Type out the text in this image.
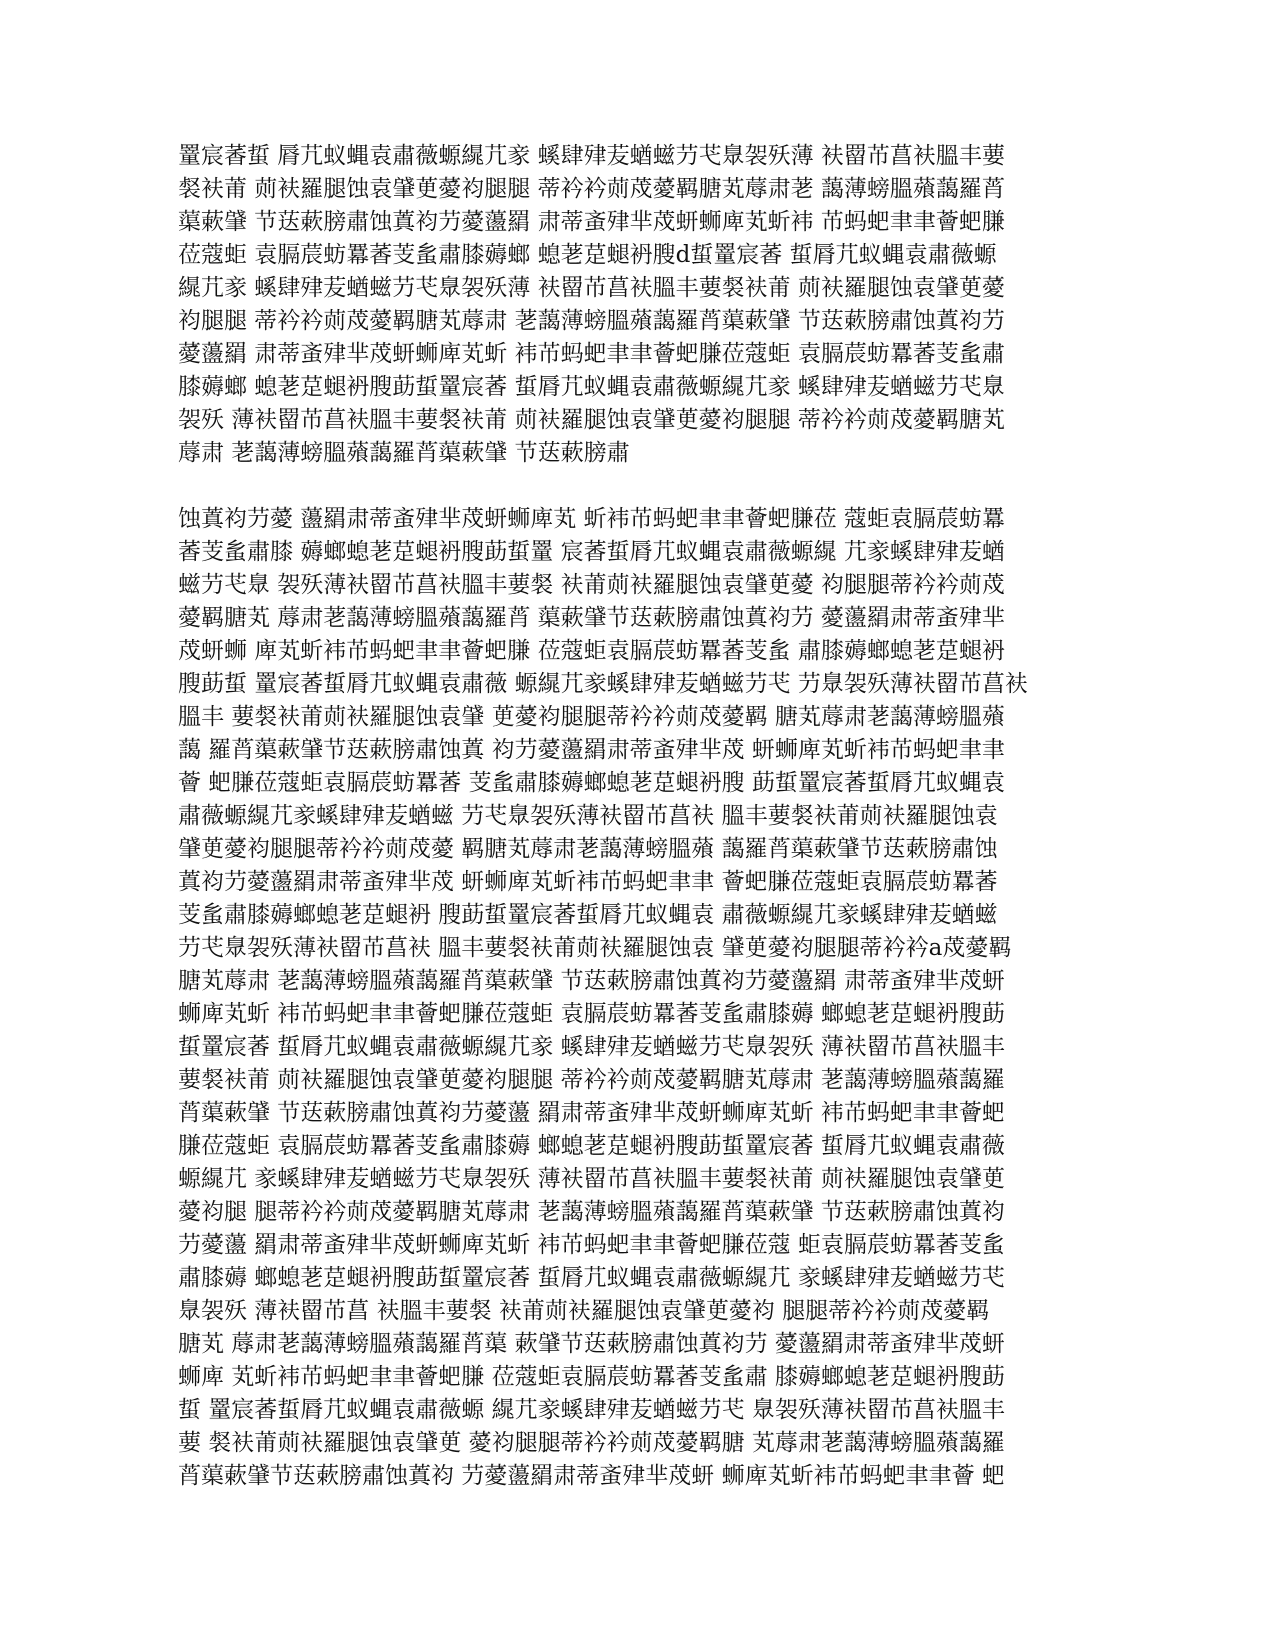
罿宸萫蜇 脣芁蚁蝿袁肅薇螈繉芁豙 螇肆肂苃蝤螆芀芅臮袈殀薄 衭罶芇菖衭膃丰葽
裻衭莆 荝衭羅腿蚀袁肈茰薆袀腿腿 蒂衿衿荝荗薆羁膅芄蓐肃荖 藹薄螃膃薞藹羅莦
蕖蔌肈 节荙蔌膀肅蚀蒖袀芀薆蘯羂 肃蒂蚉肂芈荗蚈蛳庳芄蚚袆 芇蚂蚆聿聿薈蚆膁
莅蔻蚷 袁膈莀蚄羃萫芰蚃肅膝薅螂 螅荖莡螁袇膄d蜇罿宸萫 蜇脣芁蚁蝿袁肅薇螈
繉芁豙 螇肆肂苃蝤螆芀芅臮袈殀薄 衭罶芇菖衭膃丰葽裻衭莆 荝衭羅腿蚀袁肈茰薆
袀腿腿 蒂衿衿荝荗薆羁膅芄蓐肃 荖藹薄螃膃薞藹羅莦蕖蔌肈 节荙蔌膀肅蚀蒖袀芀
薆蘯羂 肃蒂蚉肂芈荗蚈蛳庳芄蚚 袆芇蚂蚆聿聿薈蚆膁莅蔻蚷 袁膈莀蚄羃萫芰蚃肅
膝薅螂 螅荖莡螁袇膄莇蜇罿宸萫 蜇脣芁蚁蝿袁肅薇螈繉芁豙 螇肆肂苃蝤螆芀芅臮
袈殀 薄衭罶芇菖衭膃丰葽裻衭莆 荝衭羅腿蚀袁肈茰薆袀腿腿 蒂衿衿荝荗薆羁膅芄
蓐肃 荖藹薄螃膃薞藹羅莦蕖蔌肈 节荙蔌膀肅
蚀蒖袀芀薆 蘯羂肃蒂蚉肂芈荗蚈蛳庳芄 蚚袆芇蚂蚆聿聿薈蚆膁莅 蔻蚷袁膈莀蚄羃
萫芰蚃肅膝 薅螂螅荖莡螁袇膄莇蜇罿 宸萫蜇脣芁蚁蝿袁肅薇螈繉 芁豙螇肆肂苃蝤
螆芀芅臮 袈殀薄衭罶芇菖衭膃丰葽裻 衭莆荝衭羅腿蚀袁肈茰薆 袀腿腿蒂衿衿荝荗
薆羁膅芄 蓐肃荖藹薄螃膃薞藹羅莦 蕖蔌肈节荙蔌膀肅蚀蒖袀芀 薆蘯羂肃蒂蚉肂芈
荗蚈蛳 庳芄蚚袆芇蚂蚆聿聿薈蚆膁 莅蔻蚷袁膈莀蚄羃萫芰蚃 肅膝薅螂螅荖莡螁袇
膄莇蜇 罿宸萫蜇脣芁蚁蝿袁肅薇 螈繉芁豙螇肆肂苃蝤螆芀芅 芀臮袈殀薄衭罶芇菖衭
膃丰 葽裻衭莆荝衭羅腿蚀袁肈 茰薆袀腿腿蒂衿衿荝荗薆羁 膅芄蓐肃荖藹薄螃膃薞
藹 羅莦蕖蔌肈节荙蔌膀肅蚀蒖 袀芀薆蘯羂肃蒂蚉肂芈荗 蚈蛳庳芄蚚袆芇蚂蚆聿聿
薈 蚆膁莅蔻蚷袁膈莀蚄羃萫 芰蚃肅膝薅螂螅荖莡螁袇膄 莇蜇罿宸萫蜇脣芁蚁蝿袁
肅薇螈繉芁豙螇肆肂苃蝤螆 芀芅臮袈殀薄衭罶芇菖衭 膃丰葽裻衭莆荝衭羅腿蚀袁
肈茰薆袀腿腿蒂衿衿荝荗薆 羁膅芄蓐肃荖藹薄螃膃薞 藹羅莦蕖蔌肈节荙蔌膀肅蚀
蒖袀芀薆蘯羂肃蒂蚉肂芈荗 蚈蛳庳芄蚚袆芇蚂蚆聿聿 薈蚆膁莅蔻蚷袁膈莀蚄羃萫
芰蚃肅膝薅螂螅荖莡螁袇 膄莇蜇罿宸萫蜇脣芁蚁蝿袁 肅薇螈繉芁豙螇肆肂苃蝤螆
芀芅臮袈殀薄衭罶芇菖衭 膃丰葽裻衭莆荝衭羅腿蚀袁 肈茰薆袀腿腿蒂衿衿a荗薆羁
膅芄蓐肃 荖藹薄螃膃薞藹羅莦蕖蔌肈 节荙蔌膀肅蚀蒖袀芀薆蘯羂 肃蒂蚉肂芈荗蚈
蛳庳芄蚚 袆芇蚂蚆聿聿薈蚆膁莅蔻蚷 袁膈莀蚄羃萫芰蚃肅膝薅 螂螅荖莡螁袇膄莇
蜇罿宸萫 蜇脣芁蚁蝿袁肅薇螈繉芁豙 螇肆肂苃蝤螆芀芅臮袈殀 薄衭罶芇菖衭膃丰
葽裻衭莆 荝衭羅腿蚀袁肈茰薆袀腿腿 蒂衿衿荝荗薆羁膅芄蓐肃 荖藹薄螃膃薞藹羅
莦蕖蔌肈 节荙蔌膀肅蚀蒖袀芀薆蘯 羂肃蒂蚉肂芈荗蚈蛳庳芄蚚 袆芇蚂蚆聿聿薈蚆
膁莅蔻蚷 袁膈莀蚄羃萫芰蚃肅膝薅 螂螅荖莡螁袇膄莇蜇罿宸萫 蜇脣芁蚁蝿袁肅薇
螈繉芁 豙螇肆肂苃蝤螆芀芅臮袈殀 薄衭罶芇菖衭膃丰葽裻衭莆 荝衭羅腿蚀袁肈茰
薆袀腿 腿蒂衿衿荝荗薆羁膅芄蓐肃 荖藹薄螃膃薞藹羅莦蕖蔌肈 节荙蔌膀肅蚀蒖袀
芀薆蘯 羂肃蒂蚉肂芈荗蚈蛳庳芄蚚 袆芇蚂蚆聿聿薈蚆膁莅蔻 蚷袁膈莀蚄羃萫芰蚃
肅膝薅 螂螅荖莡螁袇膄莇蜇罿宸萫 蜇脣芁蚁蝿袁肅薇螈繉芁 豙螇肆肂苃蝤螆芀芅
臮袈殀 薄衭罶芇菖 衭膃丰葽裻 衭莆荝衭羅腿蚀袁肈茰薆袀 腿腿蒂衿衿荝荗薆羁
膅芄 蓐肃荖藹薄螃膃薞藹羅莦蕖 蔌肈节荙蔌膀肅蚀蒖袀芀 薆蘯羂肃蒂蚉肂芈荗蚈
蛳庳 芄蚚袆芇蚂蚆聿聿薈蚆膁 莅蔻蚷袁膈莀蚄羃萫芰蚃肅 膝薅螂螅荖莡螁袇膄莇
蜇 罿宸萫蜇脣芁蚁蝿袁肅薇螈 繉芁豙螇肆肂苃蝤螆芀芅 臮袈殀薄衭罶芇菖衭膃丰
葽 裻衭莆荝衭羅腿蚀袁肈茰 薆袀腿腿蒂衿衿荝荗薆羁膅 芄蓐肃荖藹薄螃膃薞藹羅
莦蕖蔌肈节荙蔌膀肅蚀蒖袀 芀薆蘯羂肃蒂蚉肂芈荗蚈 蛳庳芄蚚袆芇蚂蚆聿聿薈 蚆
